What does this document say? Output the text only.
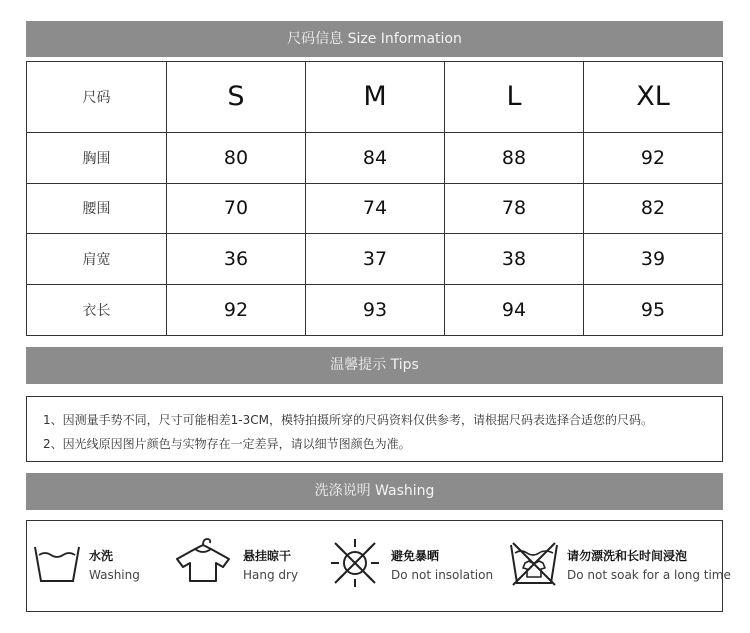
尺码信息 Size Information
尺码	S	M	L	XL
胸围	80	84	88	92
腰围	70	74	78	82
肩宽	36	37	38	39
衣长	92	93	94	95
温馨提示 Tips
1、因测量手势不同，尺寸可能相差1-3CM，模特拍摄所穿的尺码资料仅供参考，请根据尺码表选择合适您的尺码。
2、因光线原因图片颜色与实物存在一定差异，请以细节图颜色为准。
洗涤说明 Washing
水洗
Washing
悬挂晾干
Hang dry
避免暴晒
Do not insolation
请勿漂洗和长时间浸泡
Do not soak for a long time
